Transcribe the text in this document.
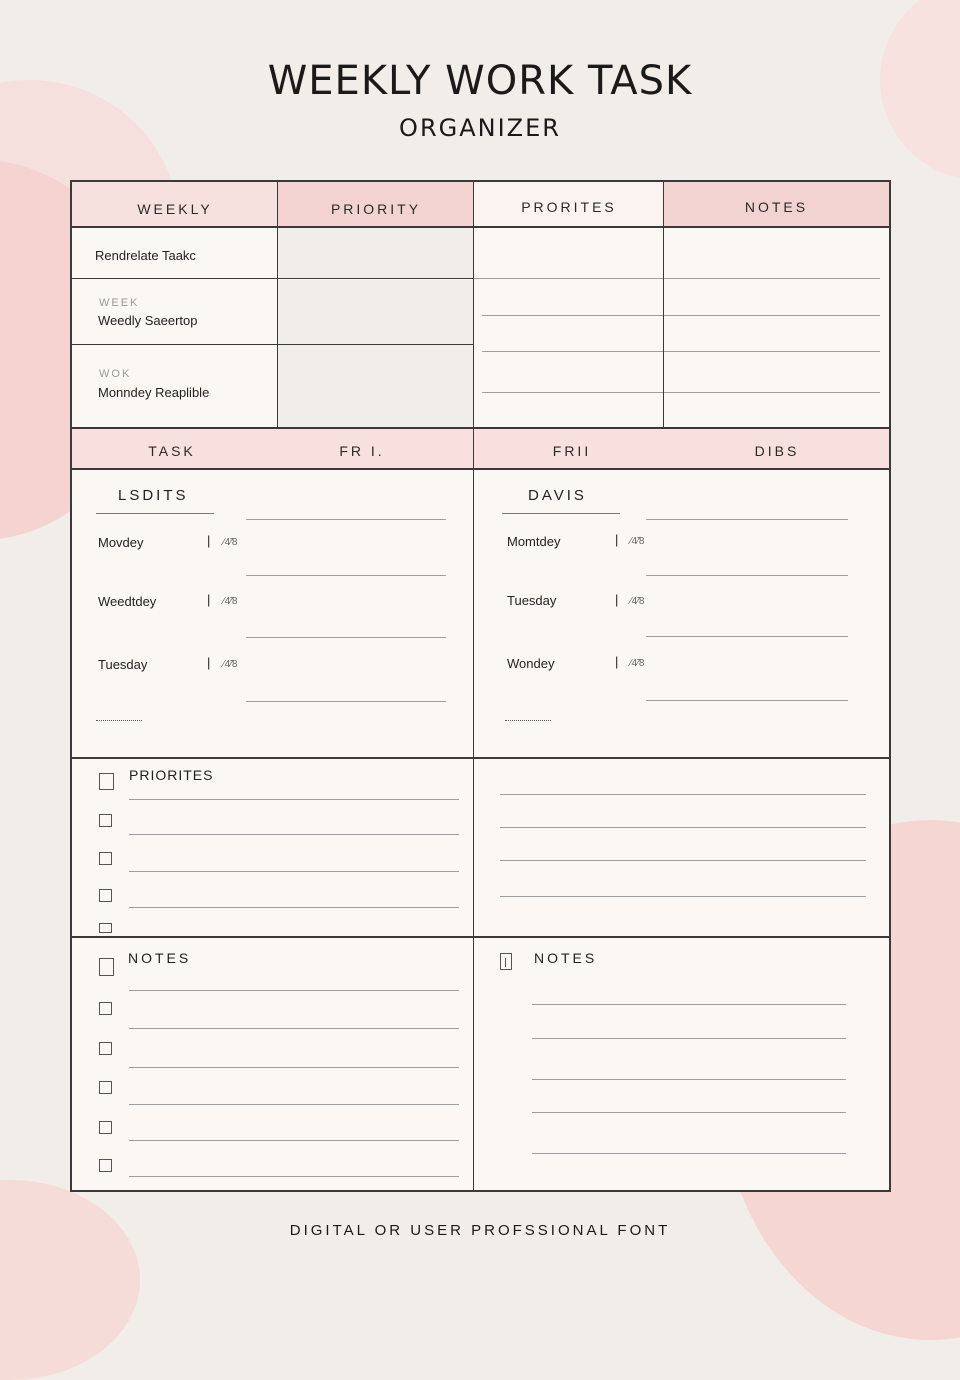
WEEKLY WORK TASK
ORGANIZER
WEEKLY	PRIORITY	PRORITES	NOTES
Rendrelate Taakc
WEEK
Weedly Saeertop
WOK
Monndey Reaplible
TASK	FR I.	FRII	DIBS
LSDITS
Movdey	| ⁄4̃⁄8
Weedtdey	| ⁄4̃⁄8
Tuesday	| ⁄4̃⁄8
DAVIS
Momtdey	| ⁄4̃⁄8
Tuesday	| ⁄4̃⁄8
Wondey	| ⁄4̃⁄8
PRIORITES
NOTES	NOTES
DIGITAL OR USER PROFSSIONAL FONT
